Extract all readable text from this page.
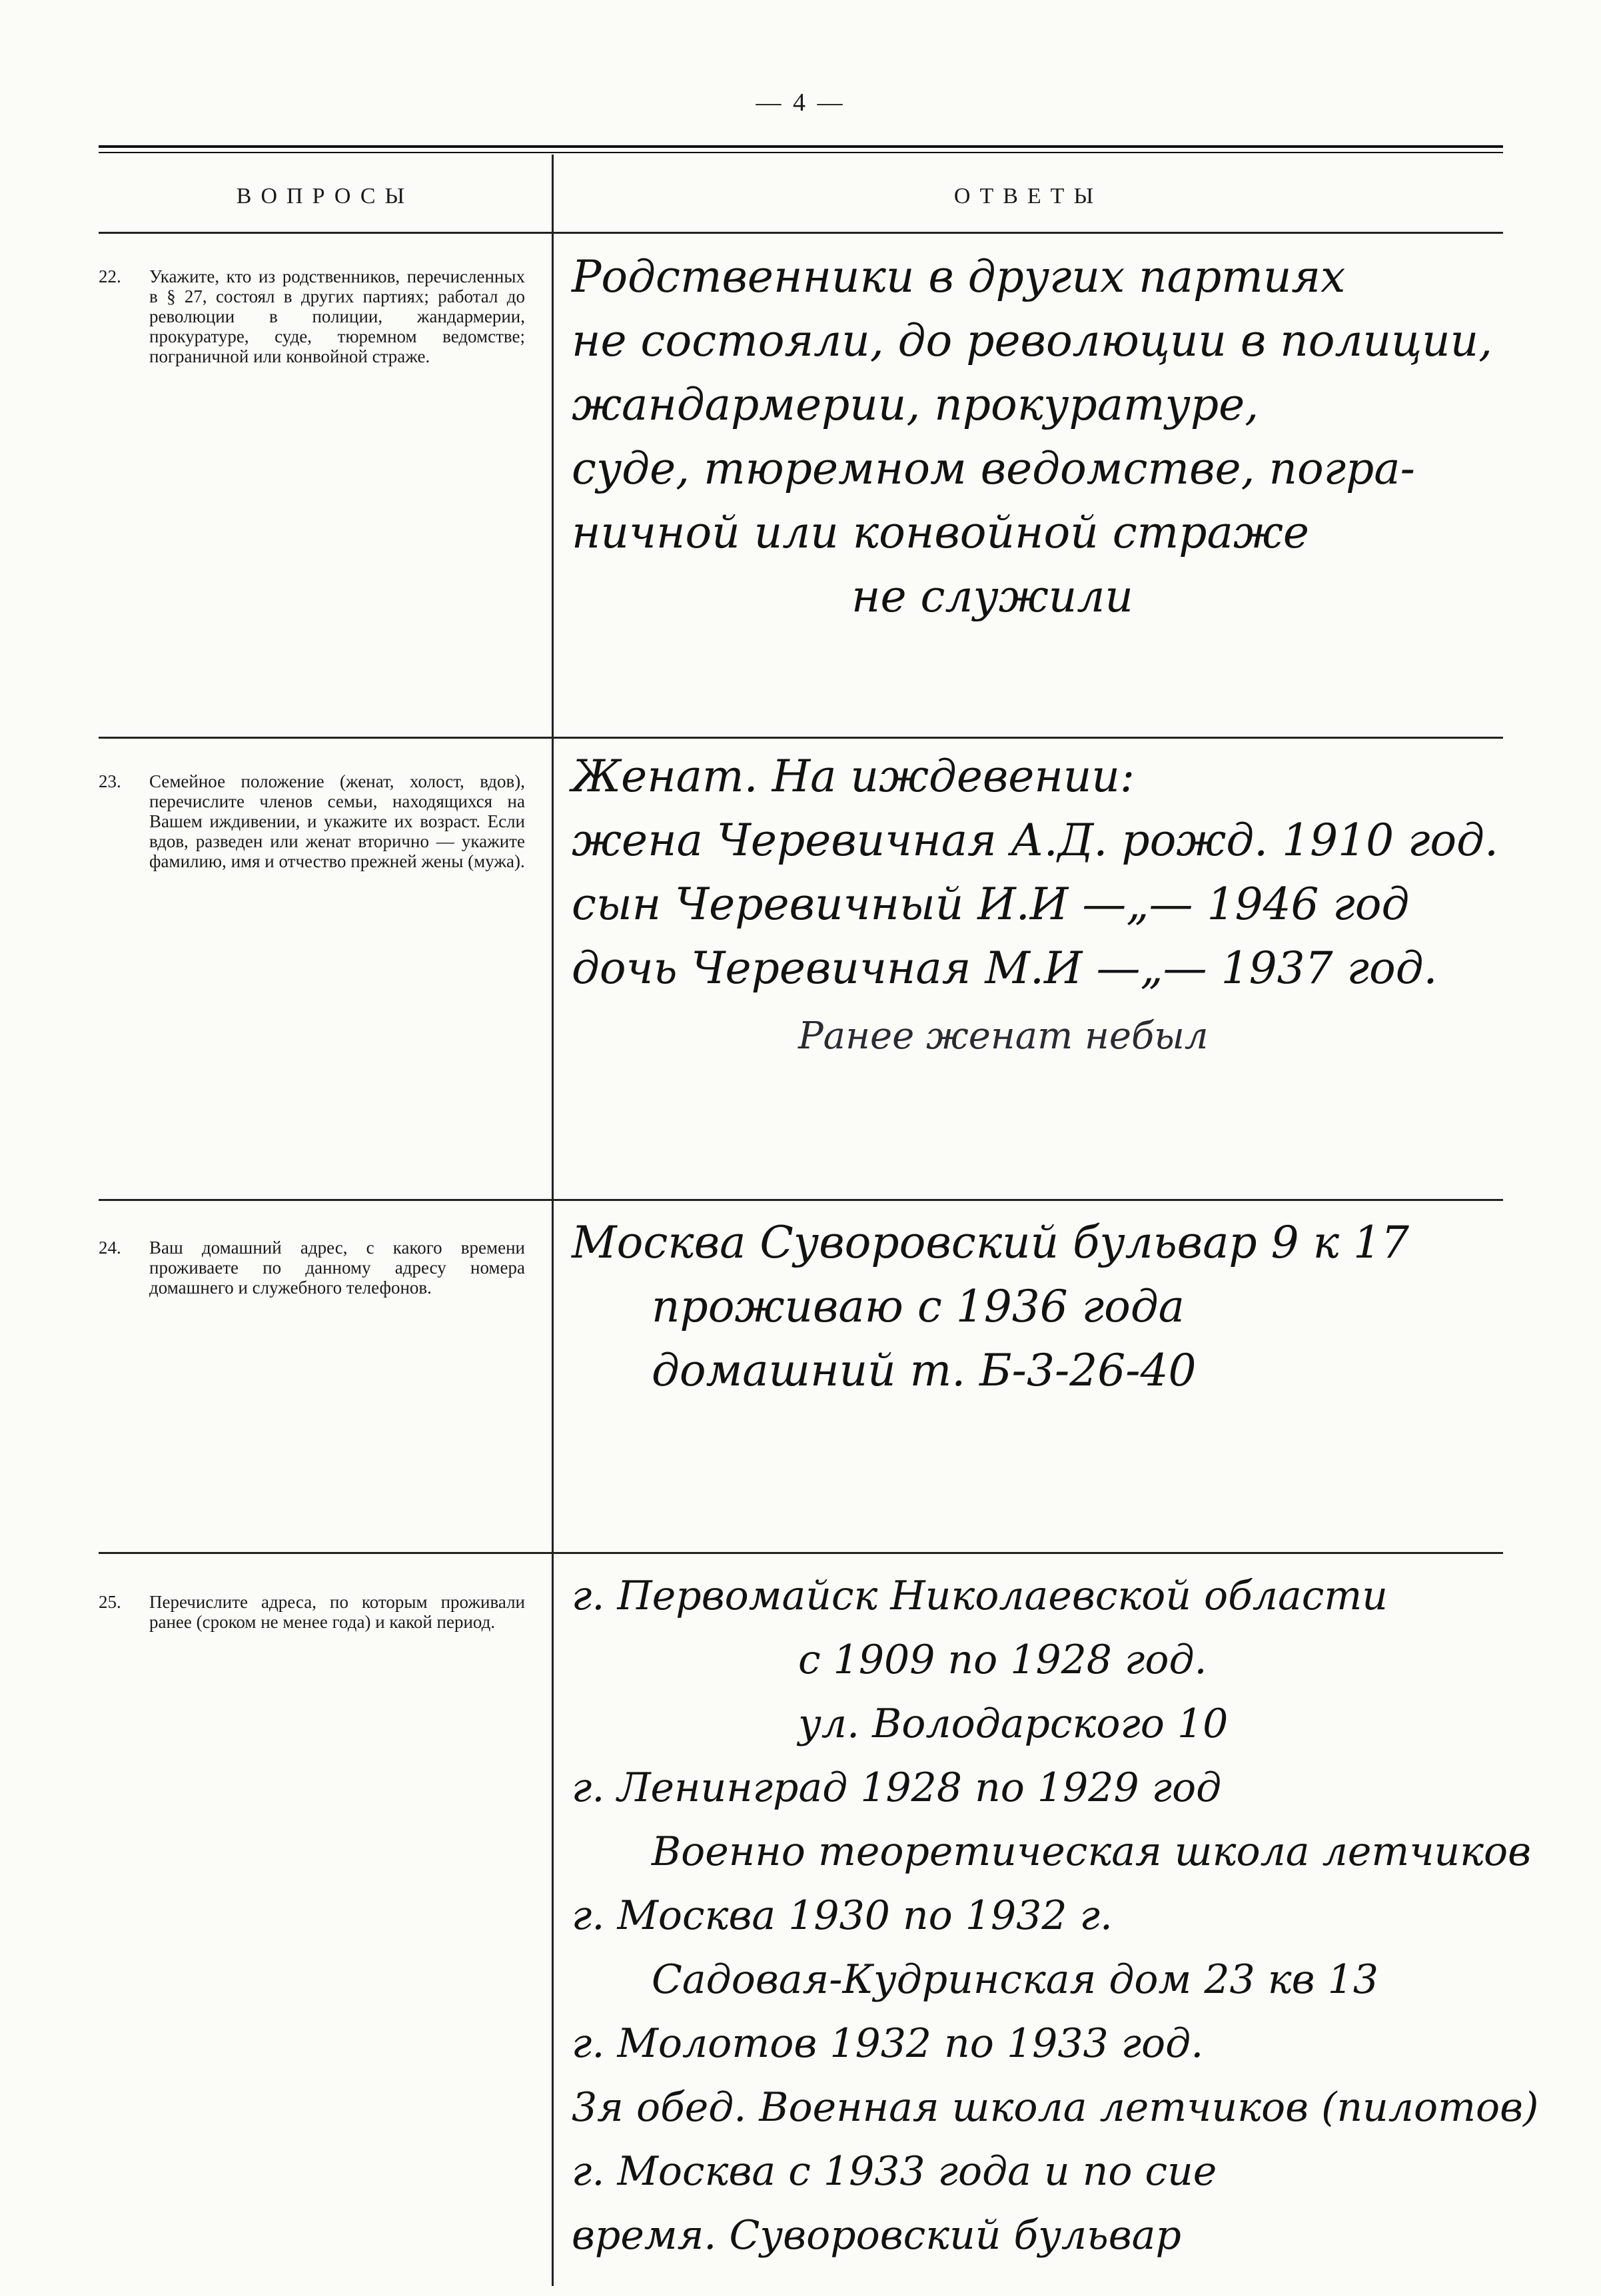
— 4 —
ВОПРОСЫ	ОТВЕТЫ
22.	Укажите, кто из родственников, перечисленных в § 27, состоял в других партиях; работал до революции в полиции, жандармерии, прокуратуре, суде, тюремном ведомстве; пограничной или конвойной страже.
Родственники в других партиях
не состояли, до революции в полиции,
жандармерии, прокуратуре,
суде, тюремном ведомстве, погра-
ничной или конвойной страже
не служили
23.	Семейное положение (женат, холост, вдов), перечислите членов семьи, находящихся на Вашем иждивении, и укажите их возраст. Если вдов, разведен или женат вторично — укажите фамилию, имя и отчество прежней жены (мужа).
Женат. На иждевении:
жена Черевичная А.Д. рожд. 1910 год.
сын Черевичный И.И —„— 1946 год
дочь Черевичная М.И —„— 1937 год.
Ранее женат небыл
24.	Ваш домашний адрес, с какого времени проживаете по данному адресу номера домашнего и служебного телефонов.
Москва Суворовский бульвар 9 к 17
проживаю с 1936 года
домашний т. Б-3-26-40
25.	Перечислите адреса, по которым проживали ранее (сроком не менее года) и какой период.
г. Первомайск Николаевской области
с 1909 по 1928 год.
ул. Володарского 10
г. Ленинград 1928 по 1929 год
Военно теоретическая школа летчиков
г. Москва 1930 по 1932 г.
Садовая-Кудринская дом 23 кв 13
г. Молотов 1932 по 1933 год.
3я обед. Военная школа летчиков (пилотов)
г. Москва с 1933 года и по сие
время. Суворовский бульвар
